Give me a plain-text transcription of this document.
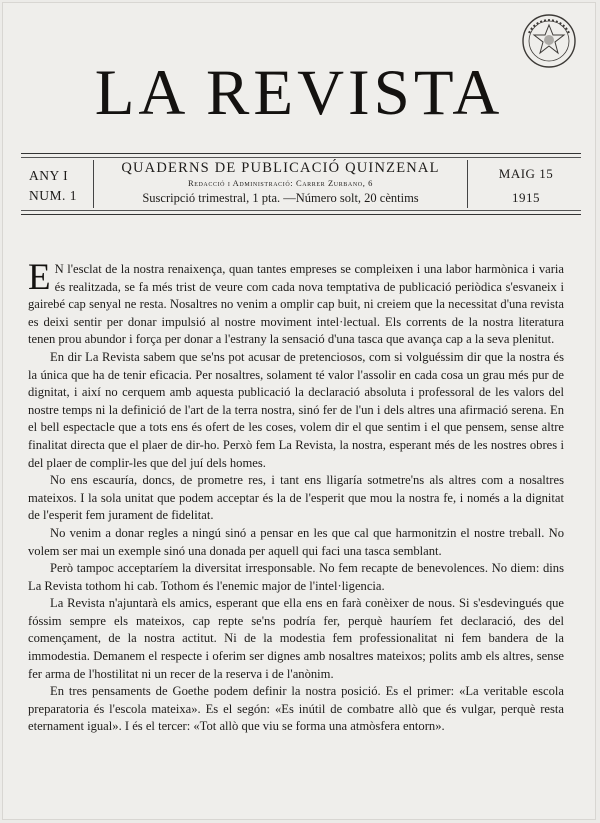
LA REVISTA
ANY I
NUM. 1
QUADERNS DE PUBLICACIÓ QUINZENAL
Redacció i Administració: Carrer Zurbano, 6
Suscripció trimestral, 1 pta. —Número solt, 20 cèntims
MAIG 15
1915

E N l'esclat de la nostra renaixença, quan tantes empreses se compleixen i una labor harmònica i varia és realitzada, se fa més trist de veure com cada nova temptativa de publicació periòdica s'esvaneix i gairebé cap senyal ne resta. Nosaltres no venim a omplir cap buit, ni creiem que la necessitat d'una revista es deixi sentir per donar impulsió al nostre moviment intel·lectual. Els corrents de la nostra literatura tenen prou abundor i força per donar a l'estrany la sensació d'una tasca que avança cap a la seva plenitut.

En dir La Revista sabem que se'ns pot acusar de pretenciosos, com si volguéssim dir que la nostra és la única que ha de tenir eficacia. Per nosaltres, solament té valor l'assolir en cada cosa un grau més pur de dignitat, i així no cerquem amb aquesta publicació la declaració absoluta i professoral de les valors del nostre temps ni la definició de l'art de la terra nostra, sinó fer de l'un i dels altres una afirmació serena. En el bell espectacle que a tots ens és ofert de les coses, volem dir el que sentim i el que pensem, sense altre finalitat directa que el plaer de dir-ho. Perxò fem La Revista, la nostra, esperant més de les nostres obres i del plaer de complir-les que del juí dels homes.

No ens escauría, doncs, de prometre res, i tant ens lligaría sotmetre'ns als altres com a nosaltres mateixos. I la sola unitat que podem acceptar és la de l'esperit que mou la nostra fe, i només a la dignitat de l'esperit fem jurament de fidelitat.

No venim a donar regles a ningú sinó a pensar en les que cal que harmonitzin el nostre treball. No volem ser mai un exemple sinó una donada per aquell qui faci una tasca semblant.

Però tampoc acceptaríem la diversitat irresponsable. No fem recapte de benevolences. No diem: dins La Revista tothom hi cab. Tothom és l'enemic major de l'intel·ligencia.

La Revista n'ajuntarà els amics, esperant que ella ens en farà conèixer de nous. Si s'esdevingués que fóssim sempre els mateixos, cap repte se'ns podría fer, perquè hauríem fet declaració, des del començament, de la nostra actitut. Ni de la modestia fem professionalitat ni fem bandera de la immodestia. Demanem el respecte i oferim ser dignes amb nosaltres mateixos; polits amb els altres, sense fer arma de l'hostilitat ni un recer de la reserva i de l'anònim.

En tres pensaments de Goethe podem definir la nostra posició. Es el primer: «La veritable escola preparatoria és l'escola mateixa». Es el segón: «Es inútil de combatre allò que és vulgar, perquè resta eternament igual». I és el tercer: «Tot allò que viu se forma una atmòsfera entorn».
